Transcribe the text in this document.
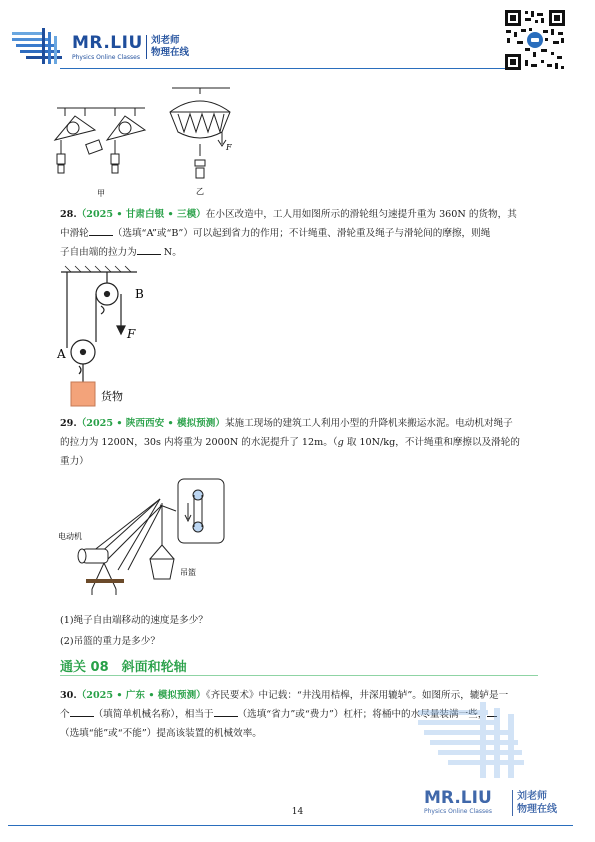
MR.LIU
Physics Online Classes
刘老师
物理在线
甲
F
乙
28.（2025 • 甘肃白银 • 三模）在小区改造中，工人用如图所示的滑轮组匀速提升重为 360N 的货物，其
中滑轮	（选填“A”或“B”）可以起到省力的作用；不计绳重、滑轮重及绳子与滑轮间的摩擦，则绳
子自由端的拉力为	N。
B
F
A
货物
29.（2025 • 陕西西安 • 模拟预测）某施工现场的建筑工人利用小型的升降机来搬运水泥。电动机对绳子
的拉力为 1200N，30s 内将重为 2000N 的水泥提升了 12m。（g 取 10N/kg，不计绳重和摩擦以及滑轮的
重力）
电动机
吊篮
(1)绳子自由端移动的速度是多少？
(2)吊篮的重力是多少？
通关 08　斜面和轮轴
30.（2025 • 广东 • 模拟预测）《齐民要术》中记载：“井浅用桔槔，井深用辘轳”。如图所示，辘轳是一
个	（填简单机械名称），相当于	（选填“省力”或“费力”）杠杆；将桶中的水尽量装满一些，
（选填“能”或“不能”）提高该装置的机械效率。
MR.LIU
Physics Online Classes
刘老师
物理在线
14
